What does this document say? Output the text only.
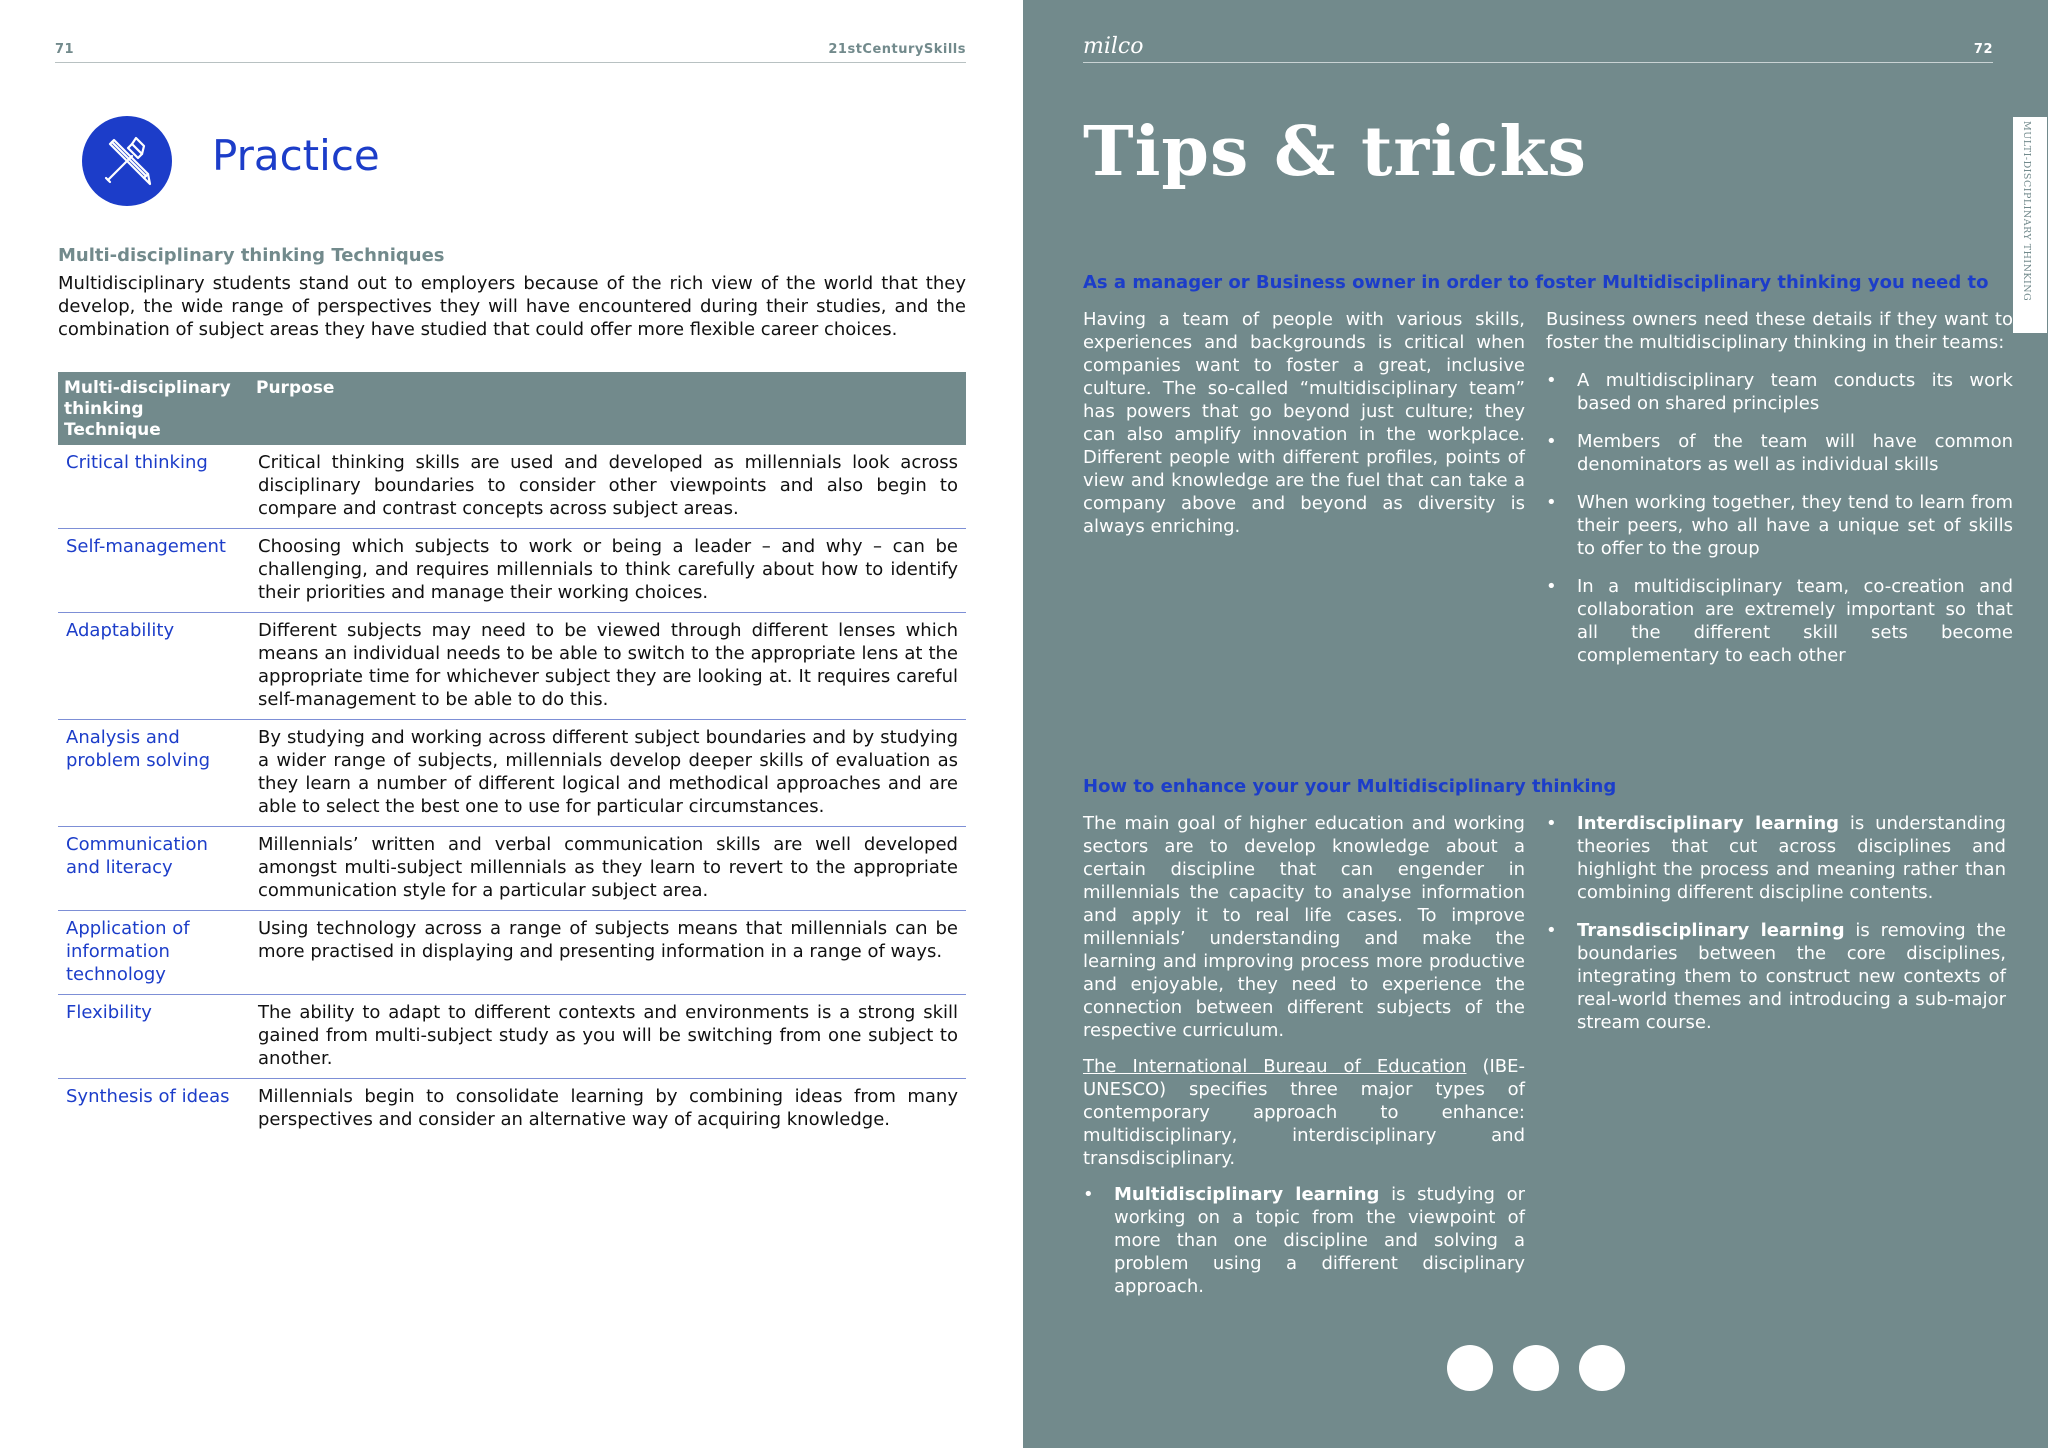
71	21stCenturySkills
Practice
Multi-disciplinary thinking Techniques
Multidisciplinary students stand out to employers because of the rich view of the world that they develop, the wide range of perspectives they will have encountered during their studies, and the combination of subject areas they have studied that could offer more flexible career choices.
Multi-disciplinary thinking Technique	Purpose
Critical thinking	Critical thinking skills are used and developed as millennials look across disciplinary boundaries to consider other viewpoints and also begin to compare and contrast concepts across subject areas.
Self-management	Choosing which subjects to work or being a leader – and why – can be challenging, and requires millennials to think carefully about how to identify their priorities and manage their working choices.
Adaptability	Different subjects may need to be viewed through different lenses which means an individual needs to be able to switch to the appropriate lens at the appropriate time for whichever subject they are looking at. It requires careful self-management to be able to do this.
Analysis and problem solving	By studying and working across different subject boundaries and by studying a wider range of subjects, millennials develop deeper skills of evaluation as they learn a number of different logical and methodical approaches and are able to select the best one to use for particular circumstances.
Communication and literacy	Millennials’ written and verbal communication skills are well developed amongst multi-subject millennials as they learn to revert to the appropriate communication style for a particular subject area.
Application of information technology	Using technology across a range of subjects means that millennials can be more practised in displaying and presenting information in a range of ways.
Flexibility	The ability to adapt to different contexts and environments is a strong skill gained from multi-subject study as you will be switching from one subject to another.
Synthesis of ideas	Millennials begin to consolidate learning by combining ideas from many perspectives and consider an alternative way of acquiring knowledge.
milco	72
Tips & tricks	MULTI-DISCIPLINARY THINKING
As a manager or Business owner in order to foster Multidisciplinary thinking you need to

Having a team of people with various skills, experiences and backgrounds is critical when companies want to foster a great, inclusive culture. The so-called “multidisciplinary team” has powers that go beyond just culture; they can also amplify innovation in the workplace. Different people with different profiles, points of view and knowledge are the fuel that can take a company above and beyond as diversity is always enriching.

Business owners need these details if they want to foster the multidisciplinary thinking in their teams:

• A multidisciplinary team conducts its work based on shared principles
• Members of the team will have common denominators as well as individual skills
• When working together, they tend to learn from their peers, who all have a unique set of skills to offer to the group
• In a multidisciplinary team, co-creation and collaboration are extremely important so that all the different skill sets become complementary to each other
How to enhance your your Multidisciplinary thinking

The main goal of higher education and working sectors are to develop knowledge about a certain discipline that can engender in millennials the capacity to analyse information and apply it to real life cases. To improve millennials’ understanding and make the learning and improving process more productive and enjoyable, they need to experience the connection between different subjects of the respective curriculum.

The International Bureau of Education (IBE-UNESCO) specifies three major types of contemporary approach to enhance: multidisciplinary, interdisciplinary and transdisciplinary.

• Multidisciplinary learning is studying or working on a topic from the viewpoint of more than one discipline and solving a problem using a different disciplinary approach.
• Interdisciplinary learning is understanding theories that cut across disciplines and highlight the process and meaning rather than combining different discipline contents.
• Transdisciplinary learning is removing the boundaries between the core disciplines, integrating them to construct new contexts of real-world themes and introducing a sub-major stream course.
